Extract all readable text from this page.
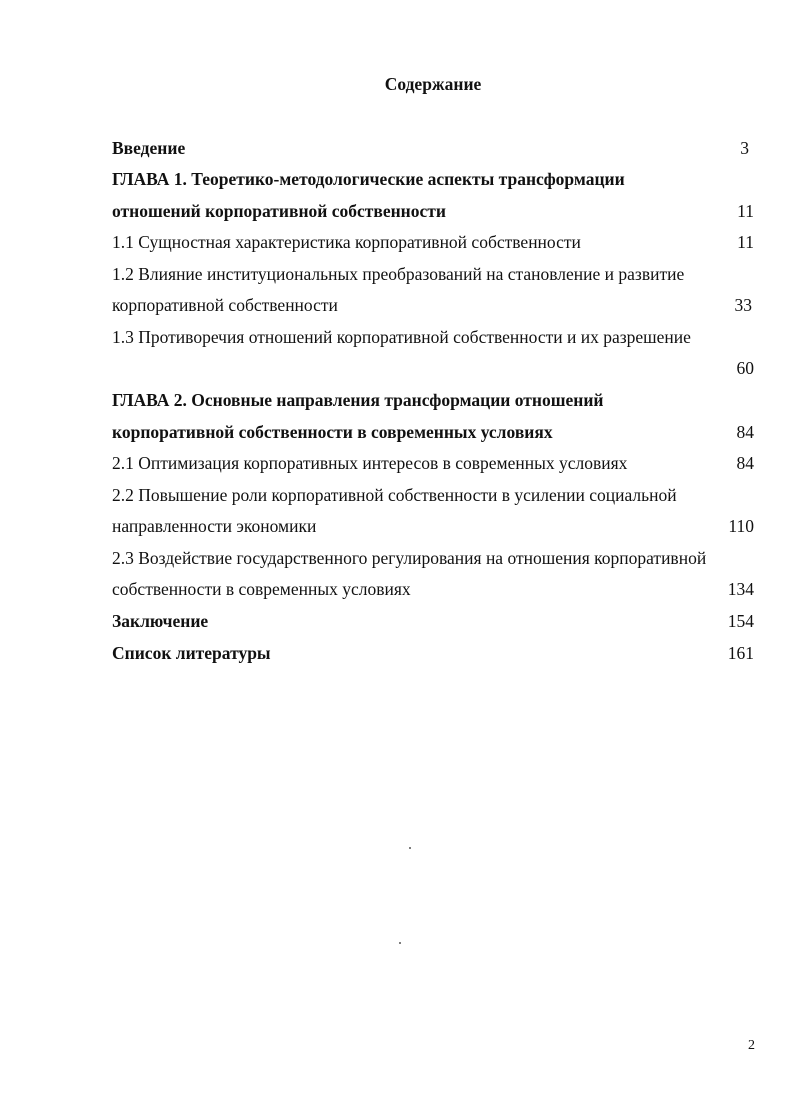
Содержание
Введение	3
ГЛАВА 1. Теоретико-методологические аспекты трансформации
отношений корпоративной собственности	11
1.1 Сущностная характеристика корпоративной собственности	11
1.2 Влияние институциональных преобразований на становление и развитие
корпоративной собственности	33
1.3 Противоречия отношений корпоративной собственности и их разрешение
60
ГЛАВА 2. Основные направления трансформации отношений
корпоративной собственности в современных условиях	84
2.1 Оптимизация корпоративных интересов в современных условиях	84
2.2 Повышение роли корпоративной собственности в усилении социальной
направленности экономики	110
2.3 Воздействие государственного регулирования на отношения корпоративной
собственности в современных условиях	134
Заключение	154
Список литературы	161
2
